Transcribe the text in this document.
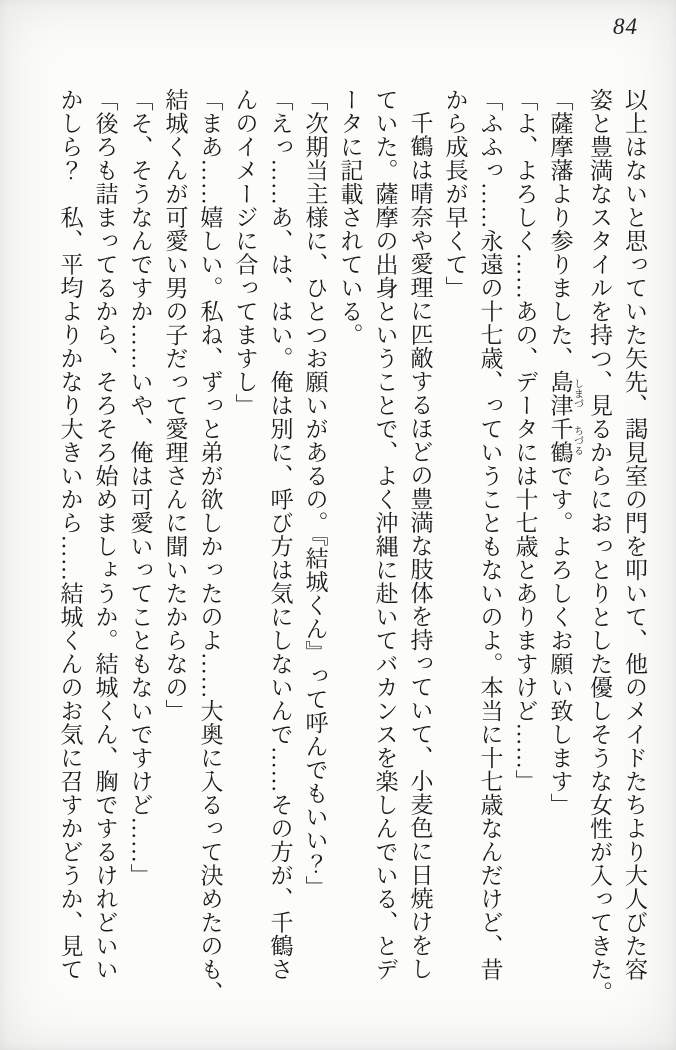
84

以上はないと思っていた矢先、謁見室の門を叩いて、他のメイドたちより大人びた容

姿と豊満なスタイルを持つ、見るからにおっとりとした優しそうな女性が入ってきた。

「薩摩藩より参りました、島津 しまづ千鶴 ちづるです。よろしくお願い致します」

「よ、よろしく……あの、データには十七歳とありますけど……」

「ふふっ……永遠の十七歳、っていうこともないのよ。本当に十七歳なんだけど、昔

から成長が早くて」

千鶴は晴奈や愛理に匹敵するほどの豊満な肢体を持っていて、小麦色に日焼けをし

ていた。薩摩の出身ということで、よく沖縄に赴いてバカンスを楽しんでいる、とデ

ータに記載されている。

「次期当主様に、ひとつお願いがあるの。『結城くん』って呼んでもいい？」

「えっ……あ、は、はい。俺は別に、呼び方は気にしないんで……その方が、千鶴さ

んのイメージに合ってますし」

「まあ……嬉しい。私ね、ずっと弟が欲しかったのよ……大奥に入るって決めたのも、

結城くんが可愛い男の子だって愛理さんに聞いたからなの」

「そ、そうなんですか……いや、俺は可愛いってこともないですけど……」

「後ろも詰まってるから、そろそろ始めましょうか。結城くん、胸でするけれどいい

かしら？　私、平均よりかなり大きいから……結城くんのお気に召すかどうか、見て
